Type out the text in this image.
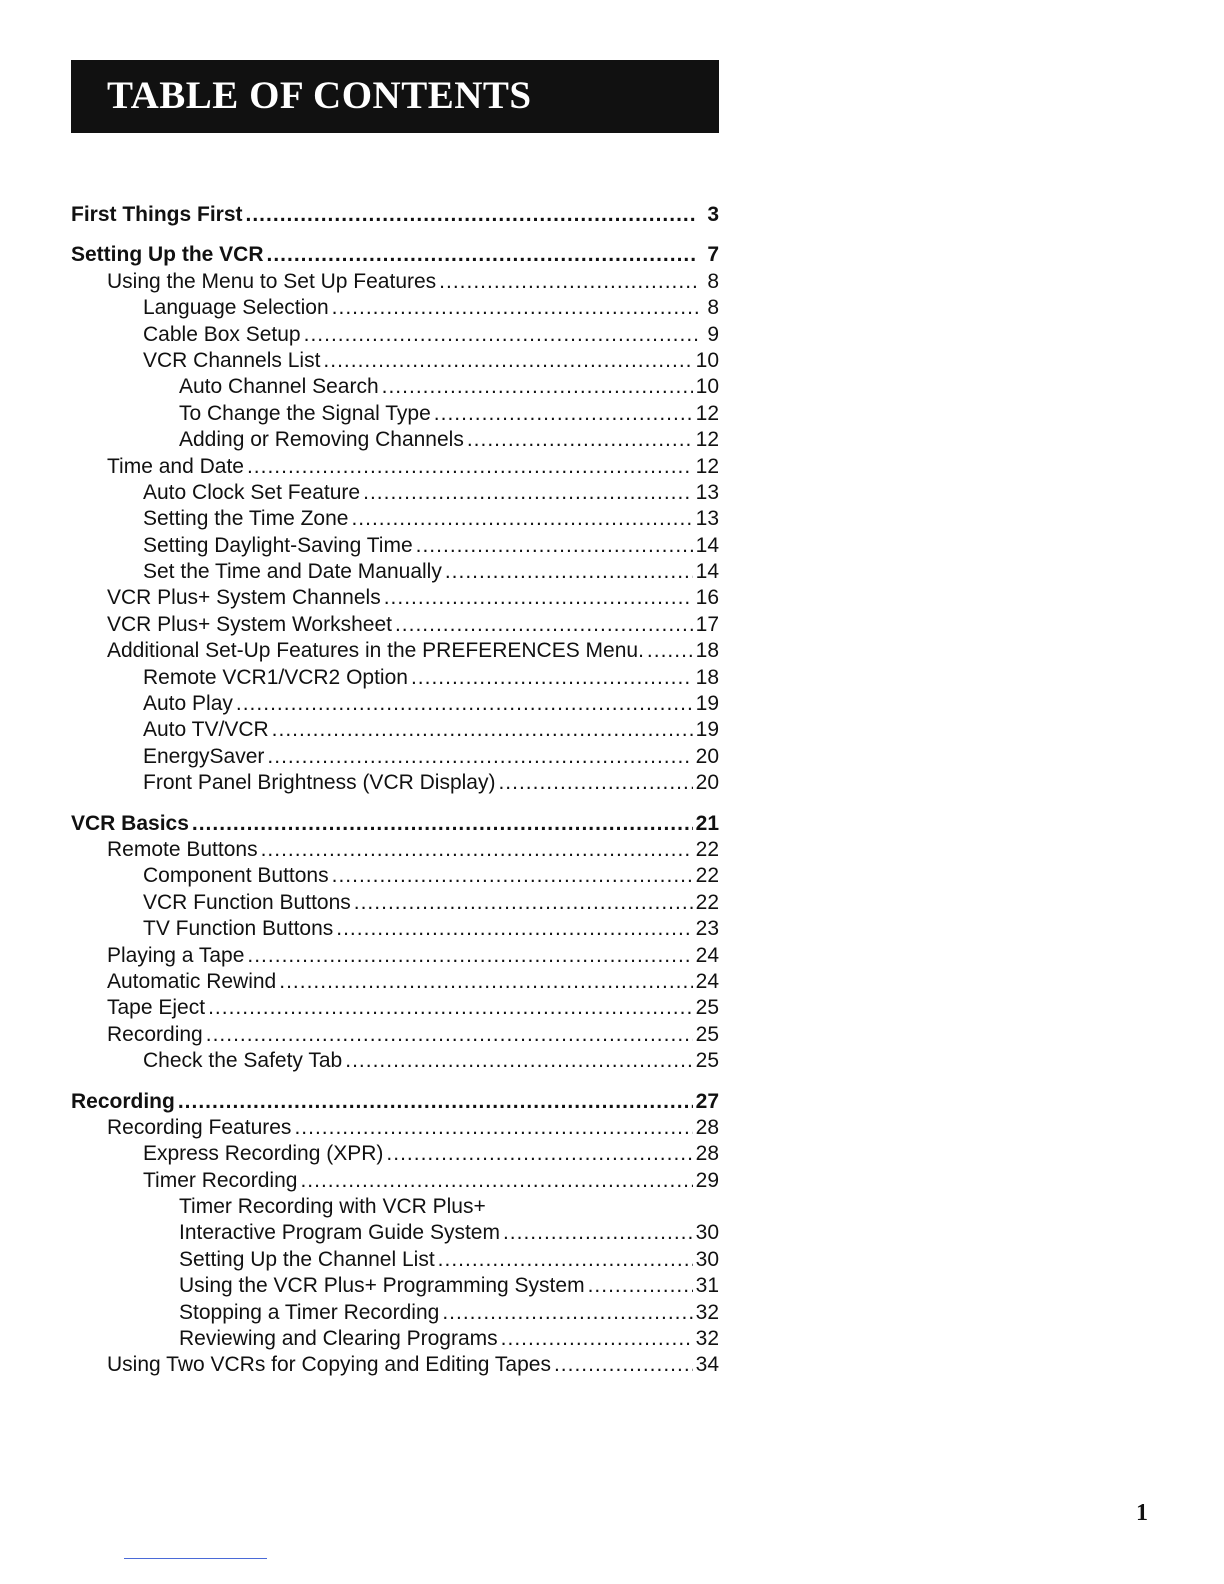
TABLE OF CONTENTS
First Things First .....	3
Setting Up the VCR .....	7
Using the Menu to Set Up Features .....	8
Language Selection .....	8
Cable Box Setup .....	9
VCR Channels List .....	10
Auto Channel Search .....	10
To Change the Signal Type .....	12
Adding or Removing Channels .....	12
Time and Date .....	12
Auto Clock Set Feature .....	13
Setting the Time Zone .....	13
Setting Daylight-Saving Time .....	14
Set the Time and Date Manually .....	14
VCR Plus+ System Channels .....	16
VCR Plus+ System Worksheet .....	17
Additional Set-Up Features in the PREFERENCES Menu. ..... 18
Remote VCR1/VCR2 Option .....	18
Auto Play .....	19
Auto TV/VCR .....	19
EnergySaver .....	20
Front Panel Brightness (VCR Display) .....	20
VCR Basics .....	21
Remote Buttons .....	22
Component Buttons .....	22
VCR Function Buttons .....	22
TV Function Buttons .....	23
Playing a Tape .....	24
Automatic Rewind .....	24
Tape Eject .....	25
Recording .....	25
Check the Safety Tab .....	25
Recording .....	27
Recording Features .....	28
Express Recording (XPR) .....	28
Timer Recording .....	29
Timer Recording with VCR Plus+
Interactive Program Guide System .....	30
Setting Up the Channel List .....	30
Using the VCR Plus+ Programming System .....	31
Stopping a Timer Recording .....	32
Reviewing and Clearing Programs .....	32
Using Two VCRs for Copying and Editing Tapes .....	34
1
